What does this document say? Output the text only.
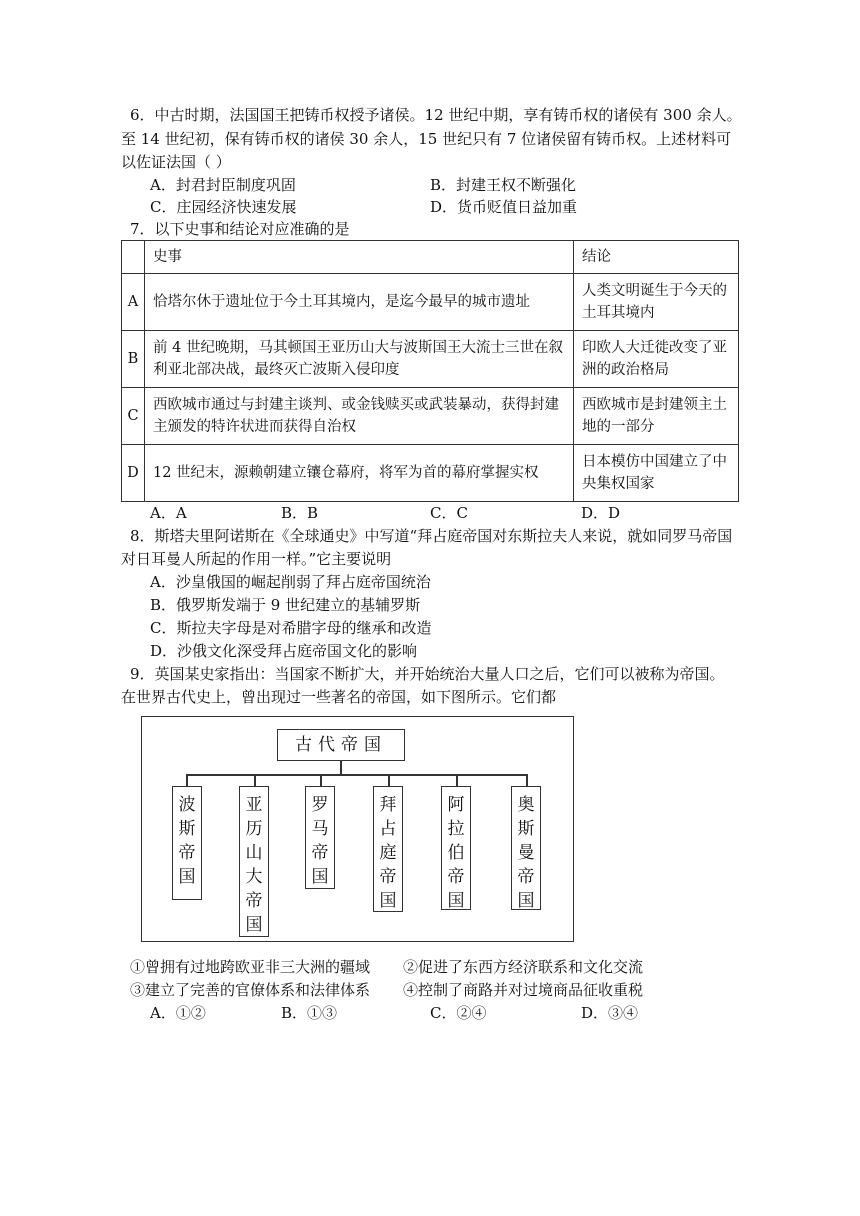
6．中古时期，法国国王把铸币权授予诸侯。12 世纪中期，享有铸币权的诸侯有 300 余人。
至 14 世纪初，保有铸币权的诸侯 30 余人，15 世纪只有 7 位诸侯留有铸币权。上述材料可
以佐证法国（ ）
A．封君封臣制度巩固	B．封建王权不断强化
C．庄园经济快速发展	D．货币贬值日益加重
7．以下史事和结论对应准确的是
	史事	结论
A	恰塔尔休于遗址位于今土耳其境内，是迄今最早的城市遗址	人类文明诞生于今天的土耳其境内
B	前 4 世纪晚期，马其顿国王亚历山大与波斯国王大流士三世在叙利亚北部决战，最终灭亡波斯入侵印度	印欧人大迁徙改变了亚洲的政治格局
C	西欧城市通过与封建主谈判、或金钱赎买或武装暴动，获得封建主颁发的特许状进而获得自治权	西欧城市是封建领主土地的一部分
D	12 世纪末，源赖朝建立镶仓幕府，将军为首的幕府掌握实权	日本模仿中国建立了中央集权国家
A．A	B．B	C．C	D．D
8．斯塔夫里阿诺斯在《全球通史》中写道“拜占庭帝国对东斯拉夫人来说，就如同罗马帝国
对日耳曼人所起的作用一样。”它主要说明
A．沙皇俄国的崛起削弱了拜占庭帝国统治
B．俄罗斯发端于 9 世纪建立的基辅罗斯
C．斯拉夫字母是对希腊字母的继承和改造
D．沙俄文化深受拜占庭帝国文化的影响
9．英国某史家指出：当国家不断扩大，并开始统治大量人口之后，它们可以被称为帝国。
在世界古代史上，曾出现过一些著名的帝国，如下图所示。它们都
古代帝国
波
斯
帝
国
亚
历
山
大
帝
国
罗
马
帝
国
拜
占
庭
帝
国
阿
拉
伯
帝
国
奥
斯
曼
帝
国
①曾拥有过地跨欧亚非三大洲的疆域 ②促进了东西方经济联系和文化交流
③建立了完善的官僚体系和法律体系 ④控制了商路并对过境商品征收重税
A．①②	B．①③	C．②④	D．③④
